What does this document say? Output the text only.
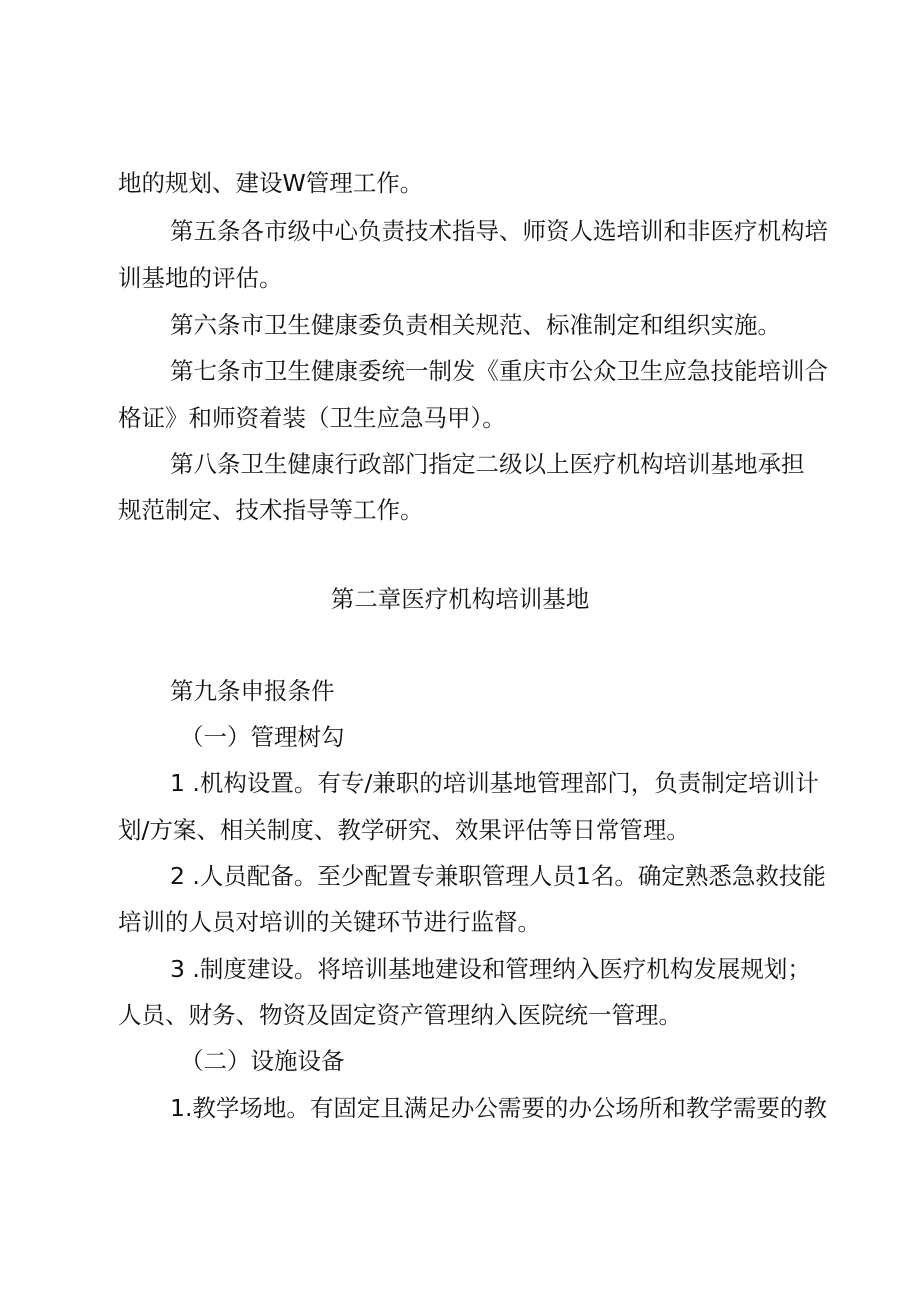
地的规划、建设W管理工作。
第五条各市级中心负责技术指导、师资人选培训和非医疗机构培
训基地的评估。
第六条市卫生健康委负责相关规范、标准制定和组织实施。
第七条市卫生健康委统一制发《重庆市公众卫生应急技能培训合
格证》和师资着装（卫生应急马甲）。
第八条卫生健康行政部门指定二级以上医疗机构培训基地承担
规范制定、技术指导等工作。
第二章医疗机构培训基地
第九条申报条件
（一）管理树勾
1 .机构设置。有专/兼职的培训基地管理部门，负责制定培训计
划/方案、相关制度、教学研究、效果评估等日常管理。
2 .人员配备。至少配置专兼职管理人员1名。确定熟悉急救技能
培训的人员对培训的关键环节进行监督。
3 .制度建设。将培训基地建设和管理纳入医疗机构发展规划；
人员、财务、物资及固定资产管理纳入医院统一管理。
（二）设施设备
1.教学场地。有固定且满足办公需要的办公场所和教学需要的教
